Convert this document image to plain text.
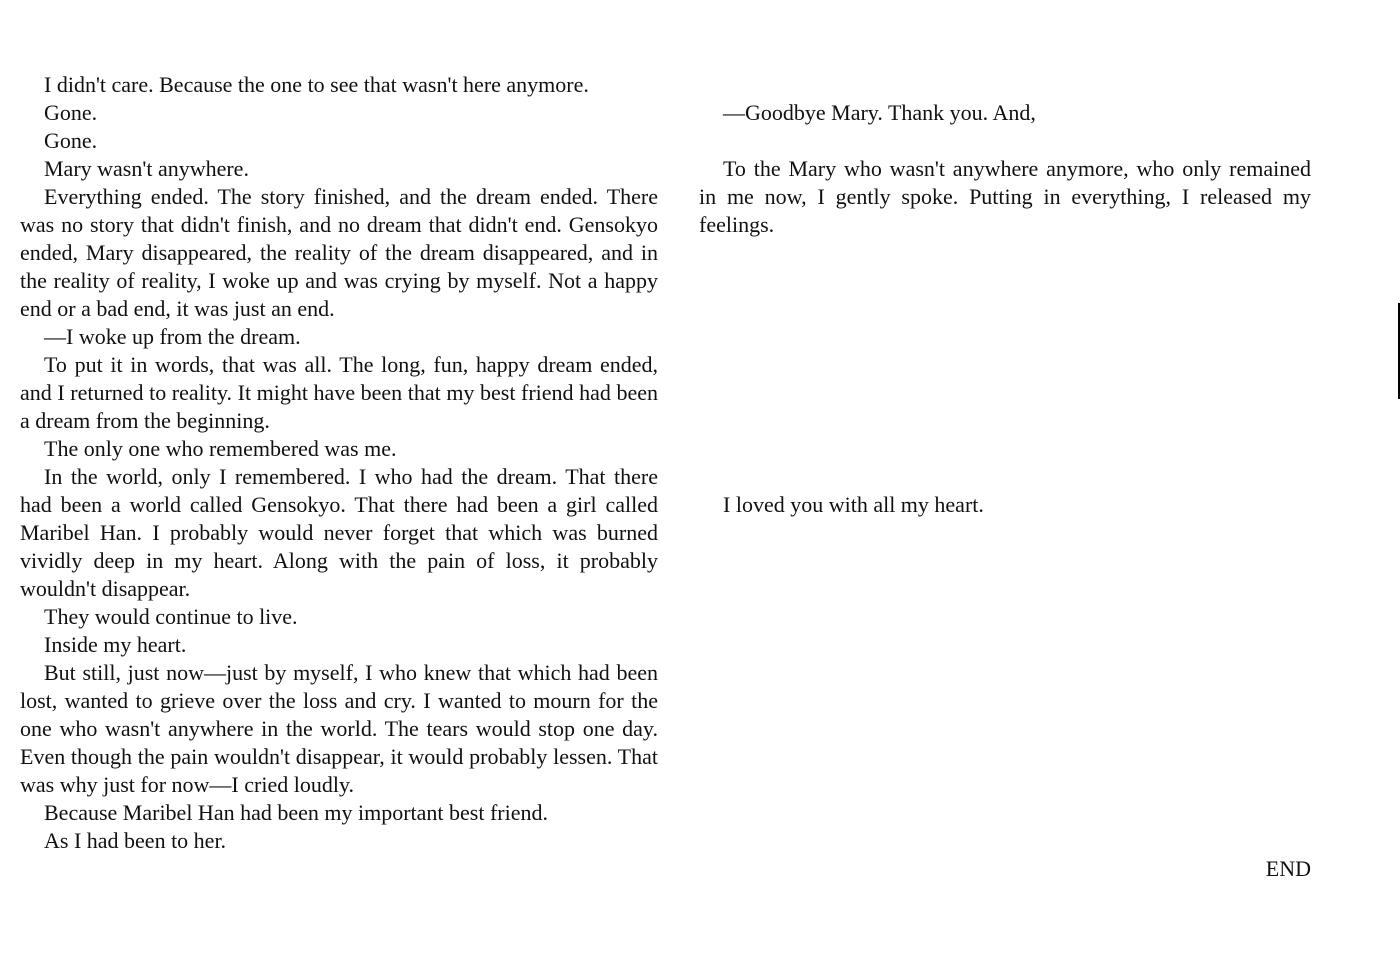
I didn't care. Because the one to see that wasn't here anymore.

Gone.

Gone.

Mary wasn't anywhere.

Everything ended. The story finished, and the dream ended. There was no story that didn't finish, and no dream that didn't end. Gensokyo ended, Mary disappeared, the reality of the dream disappeared, and in the reality of reality, I woke up and was crying by myself. Not a happy end or a bad end, it was just an end.

—I woke up from the dream.

To put it in words, that was all. The long, fun, happy dream ended, and I returned to reality. It might have been that my best friend had been a dream from the beginning.

The only one who remembered was me.

In the world, only I remembered. I who had the dream. That there had been a world called Gensokyo. That there had been a girl called Maribel Han. I probably would never forget that which was burned vividly deep in my heart. Along with the pain of loss, it probably wouldn't disappear.

They would continue to live.

Inside my heart.

But still, just now—just by myself, I who knew that which had been lost, wanted to grieve over the loss and cry. I wanted to mourn for the one who wasn't anywhere in the world. The tears would stop one day. Even though the pain wouldn't disappear, it would probably lessen. That was why just for now—I cried loudly.

Because Maribel Han had been my important best friend.

As I had been to her.

—Goodbye Mary. Thank you. And,

To the Mary who wasn't anywhere anymore, who only remained in me now, I gently spoke. Putting in everything, I released my feelings.

I loved you with all my heart.

END
